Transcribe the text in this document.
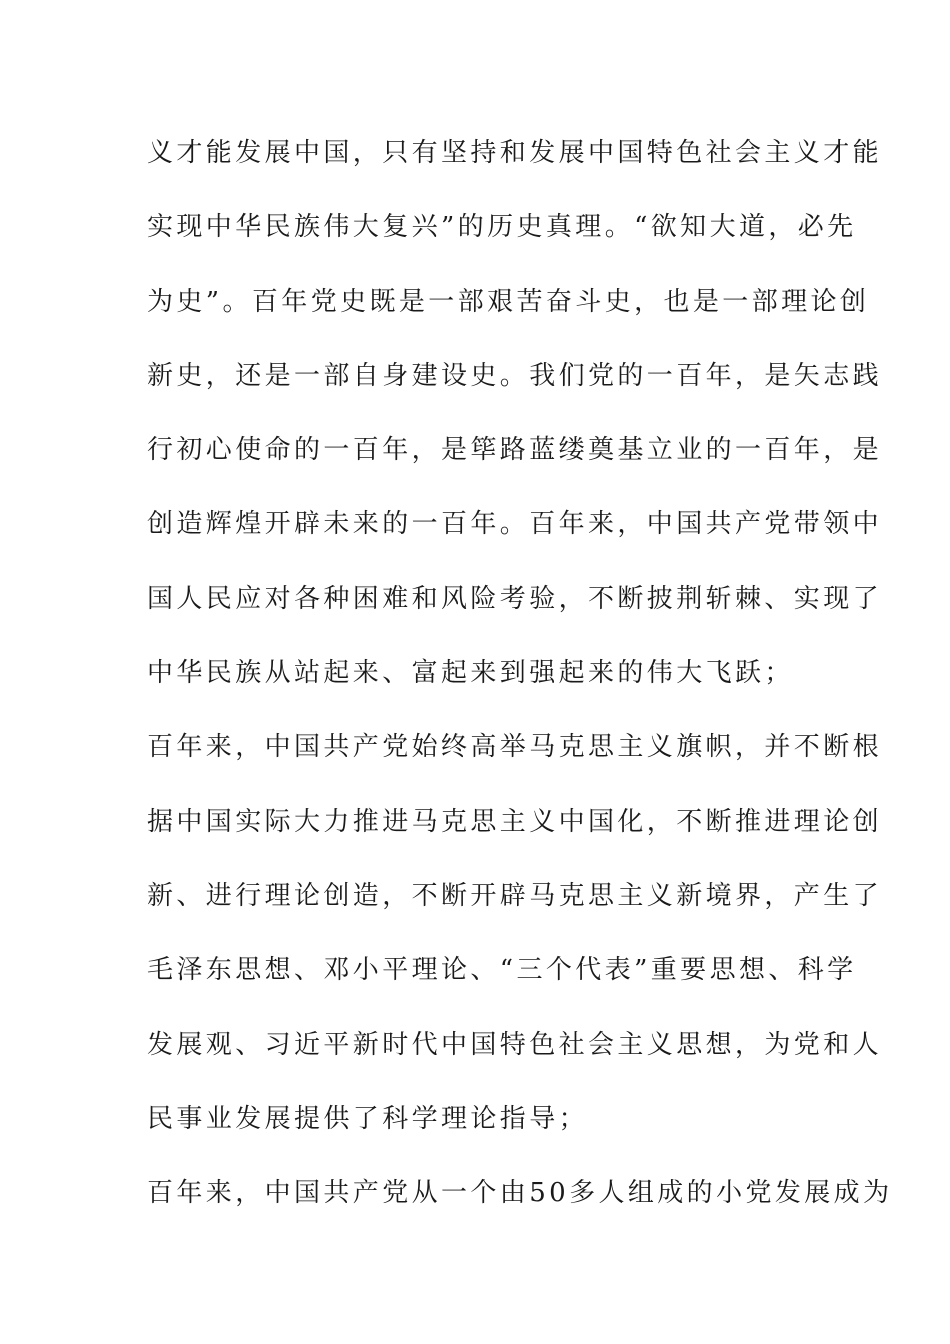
义才能发展中国，只有坚持和发展中国特色社会主义才能
实现中华民族伟大复兴”的历史真理。“欲知大道，必先
为史”。百年党史既是一部艰苦奋斗史，也是一部理论创
新史，还是一部自身建设史。我们党的一百年，是矢志践
行初心使命的一百年，是筚路蓝缕奠基立业的一百年，是
创造辉煌开辟未来的一百年。百年来，中国共产党带领中
国人民应对各种困难和风险考验，不断披荆斩棘、实现了
中华民族从站起来、富起来到强起来的伟大飞跃；
百年来，中国共产党始终高举马克思主义旗帜，并不断根
据中国实际大力推进马克思主义中国化，不断推进理论创
新、进行理论创造，不断开辟马克思主义新境界，产生了
毛泽东思想、邓小平理论、“三个代表”重要思想、科学
发展观、习近平新时代中国特色社会主义思想，为党和人
民事业发展提供了科学理论指导；
百年来，中国共产党从一个由50多人组成的小党发展成为
